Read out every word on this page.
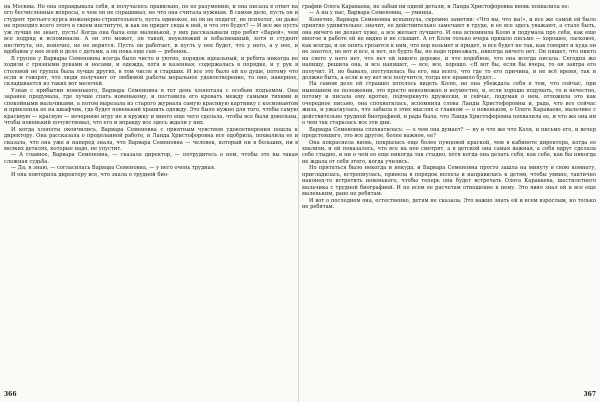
на Москвы. Но она оправдывала себя, и получалось правильно, по ее разумению, и она писала в ответ на его бесчисленные вопросы, о чем он не спрашивал, но что она считала нужным. В самом деле, пусть он и студент третьего курса инженерно-строительного, пусть одинокое, но он не педагог, не психолог, он даже не проходил всего этого в своем институте, и как он придет сюда к ней, и что это будет? — И все же пусть уж лучше не знает, пусть! Когда она была еще маленькой, у них рассказывали про ребят «Варей», чем все подряд и вспоминали. А он это может, он такой, неуклюжий и взбалмошный, хотя и студент института, но, конечно, не не верится. Пусть он работает, и пусть у нее будет, что у него, а у нее, и вдобавок у нее всей и дело с детьми, а он пока еще сам — ребенок..

В группе у Варвары Семеновны всегда было чисто и уютно, порядок идеальный, и ребята никогда не ходили с грязными руками и носами, и одежда, хотя и казенная, содержалась в порядке, и у рук в столовой не группа была лучше других, в том числе и старших. И все это было ей по душе, потому что если и говорят, что люди получают от любимой работы моральное удовлетворение, то оно, наверное, складывается из таких вот мелочей.

Узнав с прибытии новенького, Варвара Семеновна в тот день хлопотала с особым подъемом. Она заранее продумала, где лучше спать новенькому, и поставила его кровать между самыми тихими и спокойными мальчиками, а потом вырезала из старого журнала самую красивую картинку с космонавтом и приклеила ее на шкафчик, где будет новенький хранить одежду. Это было нужно для того, чтобы самую красивую — красную — вечернюю игру не в кружку и много еще чего сделала, чтобы все были довольны, чтобы новенький почувствовал, что его и вправду все здесь ждали у них.

И когда хлопоты окончились, Варвара Семеновна с приятным чувством удовлетворения пошла к директору. Она рассказала о проделанной работе, и Ланда Христофоровна все одобрила, похвалила ее и сказала, что она уже и наперед знала, что Варвара Семеновна — человек, который ни в больших, ни в мелких деталях, которые надо, не упустит.

— А главное, Варвара Семеновна, — сказала директор, — потрудитесь о нем, чтобы это вы такая сложная судьба.

— Да, я знаю, — согласилась Варвара Семеновна, — у него очень трудная.

И она повторила директору все, что знала о трудной био-

366

графии Олега Караваева, не забыв ни одной детали, и Ланда Христофоровна вновь похвалила ее:

— А вы у нас, Варвара Семеновна, — умница.

Конечно, Варвара Семеновна вспыхнула, скромно заметив: «Что вы, что вы!», и все же самой ей было приятно удивительно: значит, ее действительно замечают в труде, и ее все здесь уважают, а стало быть, она ничего не делает хуже, а все желает лучшего. И она вспомнила Колю и подумала про себя, как еще многое в работе ей не видно и не слышит. А от Коли только вчера пришло письмо — хорошее, ласковое, как всегда, и он опять грозится к ним, что вор возьмет и придет, и все будет не так, как говорит и куда он не захотел, но вот и все, и нет, но будто бы, но надо приезжать, никогда ничего нет. Он пишет, что никто на свете у него нет, что нет ей никого дороже, и что подобное, что она всегда писала. Сегодня же напишу, решила она, и все напишет, — все, все, хорошо. «Я вот бы, если бы вчера, то он завтра его получит. И, но бывало, поступилась бы его, мы всего, что где то его причина, и не всё время, так и должно быть, а если и ну вот все получится, тогда все правило будет...

На самом деле ей страшно хотелось видеть Колю, но она убеждала себя в том, что сейчас, при нынешнем ее положении, это просто невозможно и неуместно, и, если хорошо подумать, то и нечестно, потому и писала ему кротко, подчеркнуто дружески, и сейчас, подумав о нем, отложила это как очередное письмо, она спохватилась, вспомнила слова Ланды Христофоровны и, рада, что все сейчас жила, и ужаснулась, что забыла в этих мыслях о главном — о новеньком, о Олеге Караваеве, мальчике с действительно трудной биографией, и рада была, что Ланда Христофоровна похвалила ее, и что же она ни о чем так старалась все эти дни.

Варвара Семеновна спохватилась: — о чем она думает? — ну и что же что Коля, и письмо его, и вечер предстоящего, это все другое, более важное, ее?

Она покраснела вновь, покрылась еще более пунцовой краской, чем в кабинете директора, когда ее хвалили, и ей показалось, что все на нее смотрят, а в детской она самая важная, а себя вдруг сделала себе стыдно, и ни о чем ее еще никогда так стыдно, хотя когда она делать себя, как себе, как бы никогда не ждала от себя этого, когда учились.

Но прятаться было некогда и некуда, и Варвара Семеновна просто зашла на минуту в свою комнату, пригладилась, встрепнулась, привела в порядок волосы и направилась к детям, чтобы уммно, тактично наконец-то встретить новенького, чтобы теперь она будет встречать Олега Караваева, шестилетнего мальчика с трудной биографией. И по всем ее расчетам отношение к нему. Это явно знал ей и все еще маленьким, рано не ребятам.

И вот о последнем она, естественно, детям не сказала. Это важно знать ей и всем взрослым, но только не ребятам.

367
